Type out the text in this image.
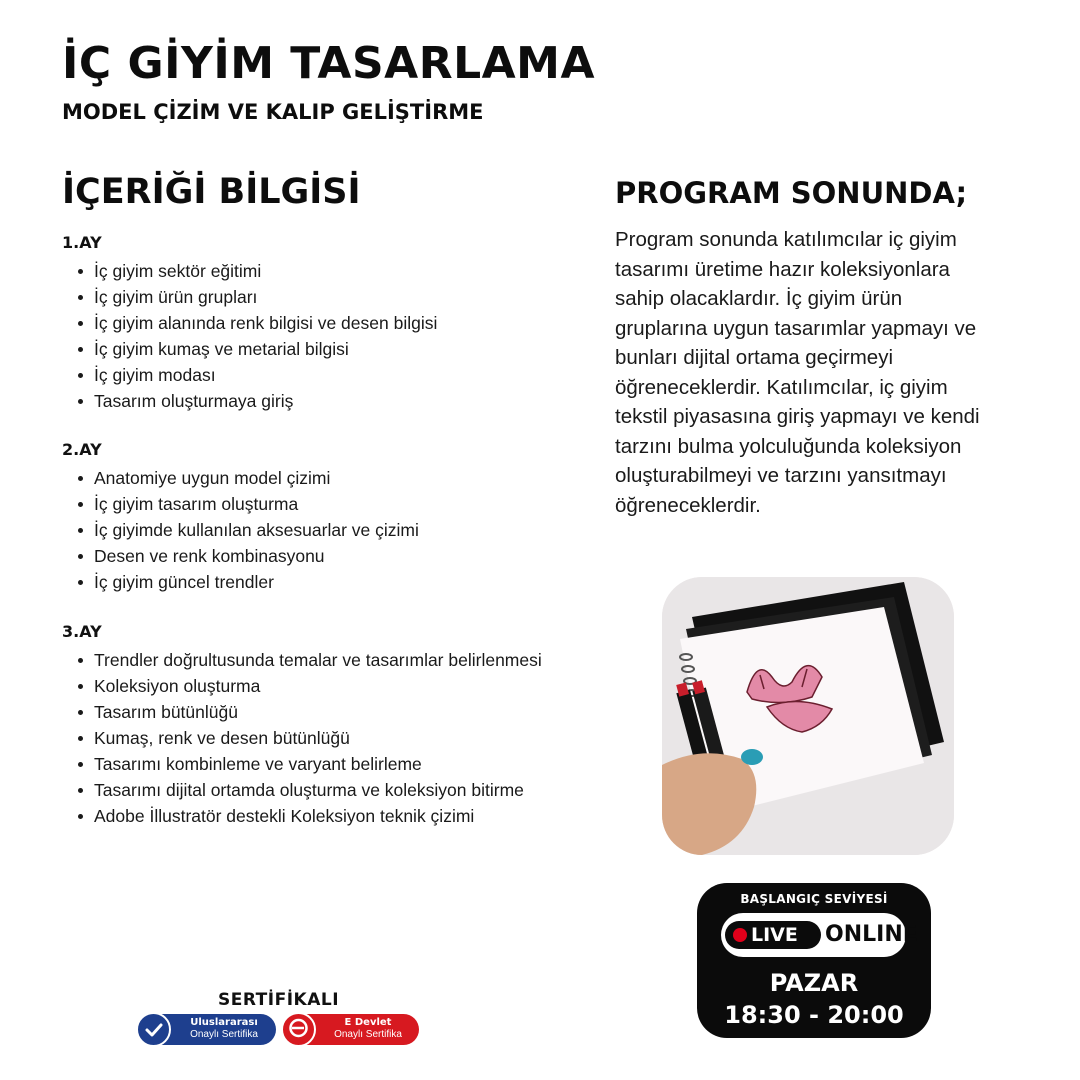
İÇ GİYİM TASARLAMA
MODEL ÇİZİM VE KALIP GELİŞTİRME
İÇERİĞİ BİLGİSİ
1.AY
İç giyim sektör eğitimi
İç giyim ürün grupları
İç giyim alanında renk bilgisi ve desen bilgisi
İç giyim kumaş ve metarial bilgisi
İç giyim modası
Tasarım oluşturmaya giriş
2.AY
Anatomiye uygun model çizimi
İç giyim tasarım oluşturma
İç giyimde kullanılan aksesuarlar ve çizimi
Desen ve renk kombinasyonu
İç giyim güncel trendler
3.AY
Trendler doğrultusunda temalar ve tasarımlar belirlenmesi
Koleksiyon oluşturma
Tasarım bütünlüğü
Kumaş, renk ve desen bütünlüğü
Tasarımı kombinleme ve varyant belirleme
Tasarımı dijital ortamda oluşturma ve koleksiyon bitirme
Adobe İllustratör destekli Koleksiyon teknik çizimi
PROGRAM SONUNDA;
Program sonunda katılımcılar iç giyim tasarımı üretime hazır koleksiyonlara sahip olacaklardır. İç giyim ürün gruplarına uygun tasarımlar yapmayı ve bunları dijital ortama geçirmeyi öğreneceklerdir. Katılımcılar, iç giyim tekstil piyasasına giriş yapmayı ve kendi tarzını bulma yolculuğunda koleksiyon oluşturabilmeyi ve tarzını yansıtmayı öğreneceklerdir.
BAŞLANGIÇ SEVİYESİ
LIVE ONLINE
PAZAR
18:30 - 20:00
SERTİFİKALI
Uluslararası
Onaylı Sertifika
E Devlet
Onaylı Sertifika
